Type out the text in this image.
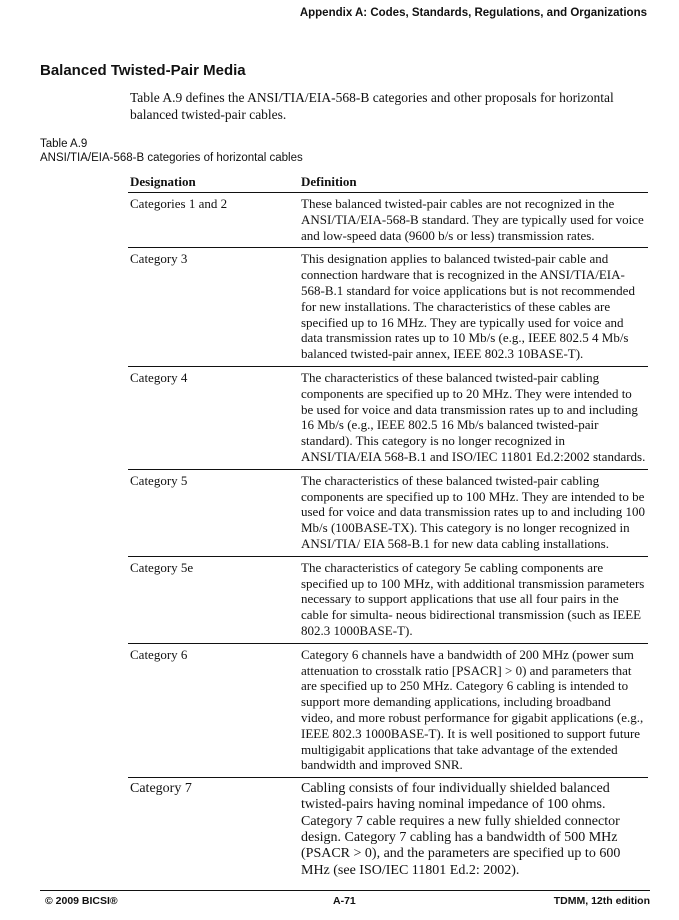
Appendix A: Codes, Standards, Regulations, and Organizations
Balanced Twisted-Pair Media

Table A.9 defines the ANSI/TIA/EIA-568-B categories and other proposals for horizontal balanced twisted-pair cables.

Table A.9
ANSI/TIA/EIA-568-B categories of horizontal cables
Designation	Definition
Categories 1 and 2	These balanced twisted-pair cables are not recognized in the ANSI/TIA/EIA-568-B standard. They are typically used for voice and low-speed data (9600 b/s or less) transmission rates.
Category 3	This designation applies to balanced twisted-pair cable and connection hardware that is recognized in the ANSI/TIA/EIA-568-B.1 standard for voice applications but is not recommended for new installations. The characteristics of these cables are specified up to 16 MHz. They are typically used for voice and data transmission rates up to 10 Mb/s (e.g., IEEE 802.5 4 Mb/s balanced twisted-pair annex, IEEE 802.3 10BASE-T).
Category 4	The characteristics of these balanced twisted-pair cabling components are specified up to 20 MHz. They were intended to be used for voice and data transmission rates up to and including 16 Mb/s (e.g., IEEE 802.5 16 Mb/s balanced twisted-pair standard). This category is no longer recognized in ANSI/TIA/EIA 568-B.1 and ISO/IEC 11801 Ed.2:2002 standards.
Category 5	The characteristics of these balanced twisted-pair cabling components are specified up to 100 MHz. They are intended to be used for voice and data transmission rates up to and including 100 Mb/s (100BASE-TX). This category is no longer recognized in ANSI/TIA/ EIA 568-B.1 for new data cabling installations.
Category 5e	The characteristics of category 5e cabling components are specified up to 100 MHz, with additional transmission parameters necessary to support applications that use all four pairs in the cable for simulta- neous bidirectional transmission (such as IEEE 802.3 1000BASE-T).
Category 6	Category 6 channels have a bandwidth of 200 MHz (power sum attenuation to crosstalk ratio [PSACR] > 0) and parameters that are specified up to 250 MHz. Category 6 cabling is intended to support more demanding applications, including broadband video, and more robust performance for gigabit applications (e.g., IEEE 802.3 1000BASE-T). It is well positioned to support future multigigabit applications that take advantage of the extended bandwidth and improved SNR.
Category 7	Cabling consists of four individually shielded balanced twisted-pairs having nominal impedance of 100 ohms. Category 7 cable requires a new fully shielded connector design. Category 7 cabling has a bandwidth of 500 MHz (PSACR > 0), and the parameters are specified up to 600 MHz (see ISO/IEC 11801 Ed.2: 2002).
© 2009 BICSI®	A-71	TDMM, 12th edition
